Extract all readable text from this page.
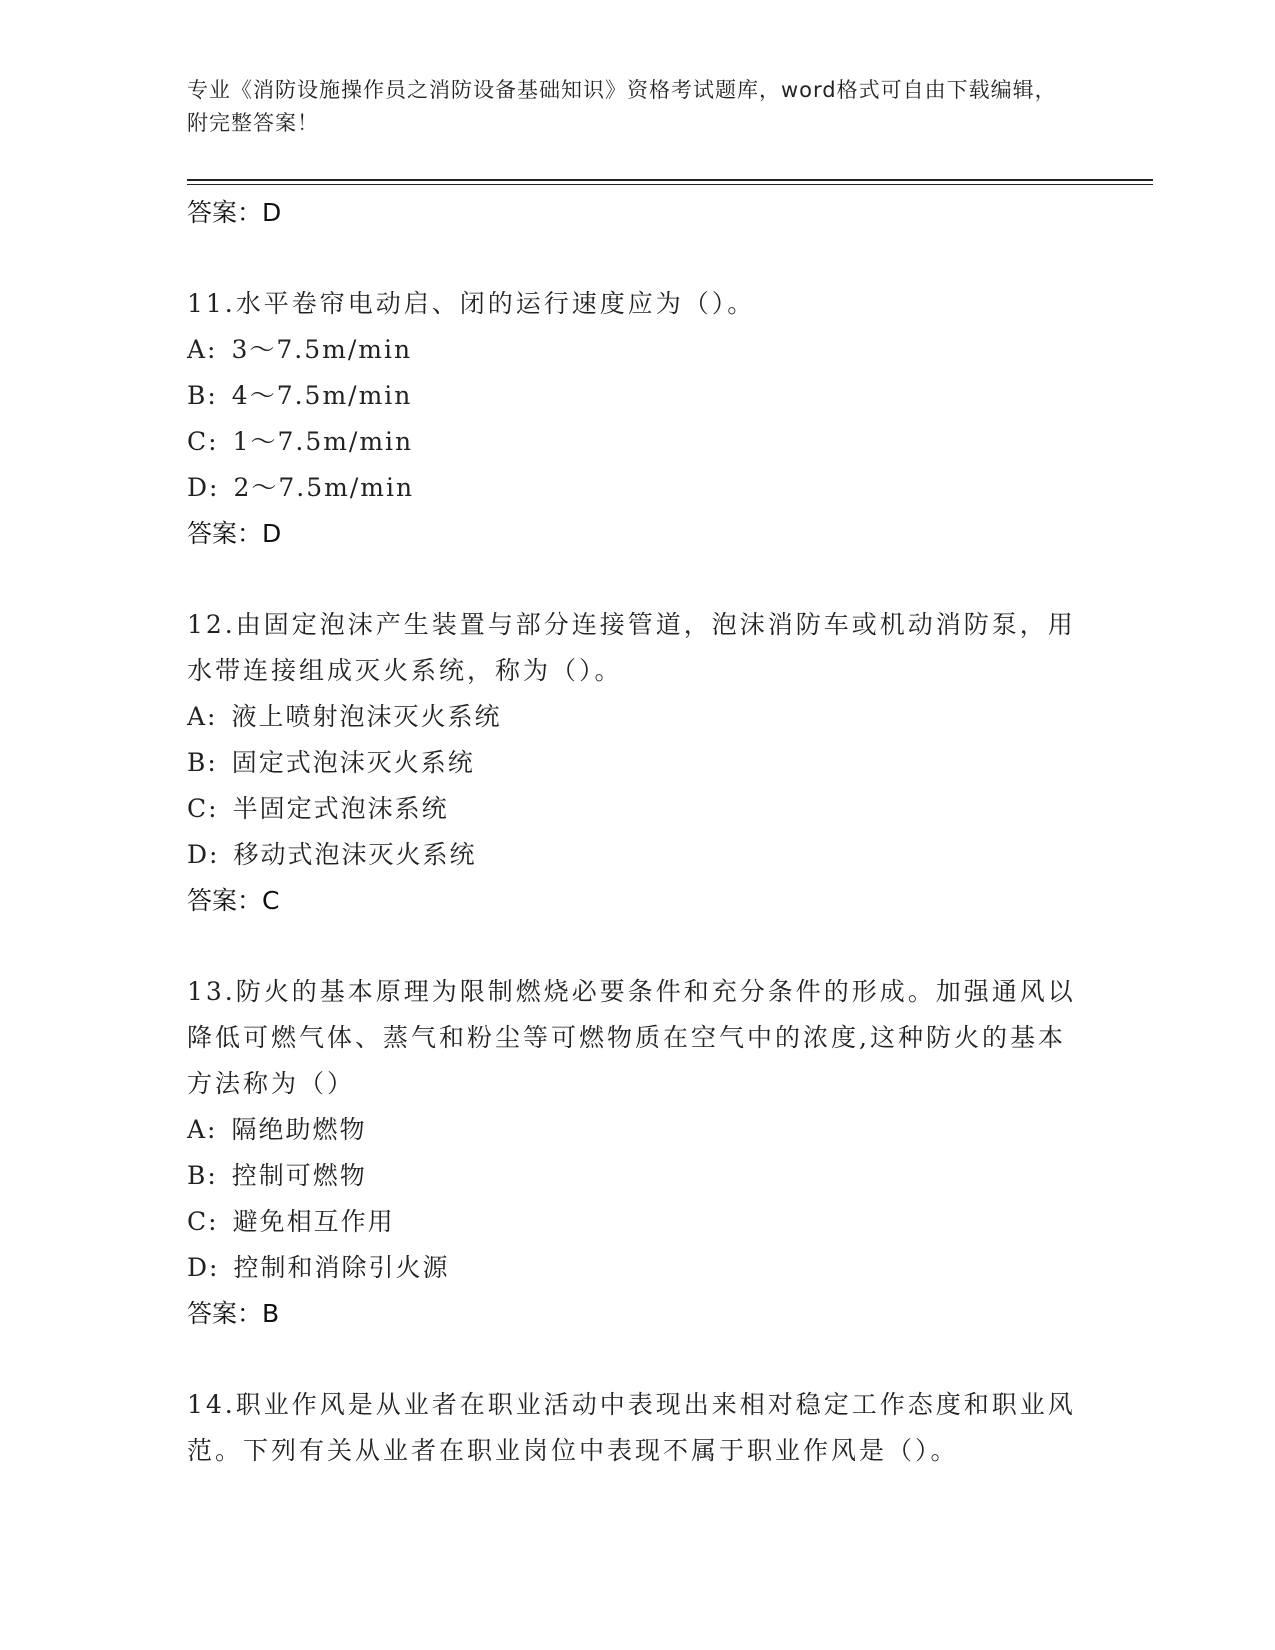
专业《消防设施操作员之消防设备基础知识》资格考试题库，word格式可自由下载编辑，附完整答案！
答案：D

11.水平卷帘电动启、闭的运行速度应为（）。

A: 3～7.5m/min
B: 4～7.5m/min
C: 1～7.5m/min
D: 2～7.5m/min
答案：D

12.由固定泡沫产生装置与部分连接管道，泡沫消防车或机动消防泵，用水带连接组成灭火系统，称为（）。

A: 液上喷射泡沫灭火系统
B: 固定式泡沫灭火系统
C: 半固定式泡沫系统
D: 移动式泡沫灭火系统
答案：C

13.防火的基本原理为限制燃烧必要条件和充分条件的形成。加强通风以降低可燃气体、蒸气和粉尘等可燃物质在空气中的浓度,这种防火的基本方法称为（）

A: 隔绝助燃物
B: 控制可燃物
C: 避免相互作用
D: 控制和消除引火源
答案：B

14.职业作风是从业者在职业活动中表现出来相对稳定工作态度和职业风范。下列有关从业者在职业岗位中表现不属于职业作风是（）。
